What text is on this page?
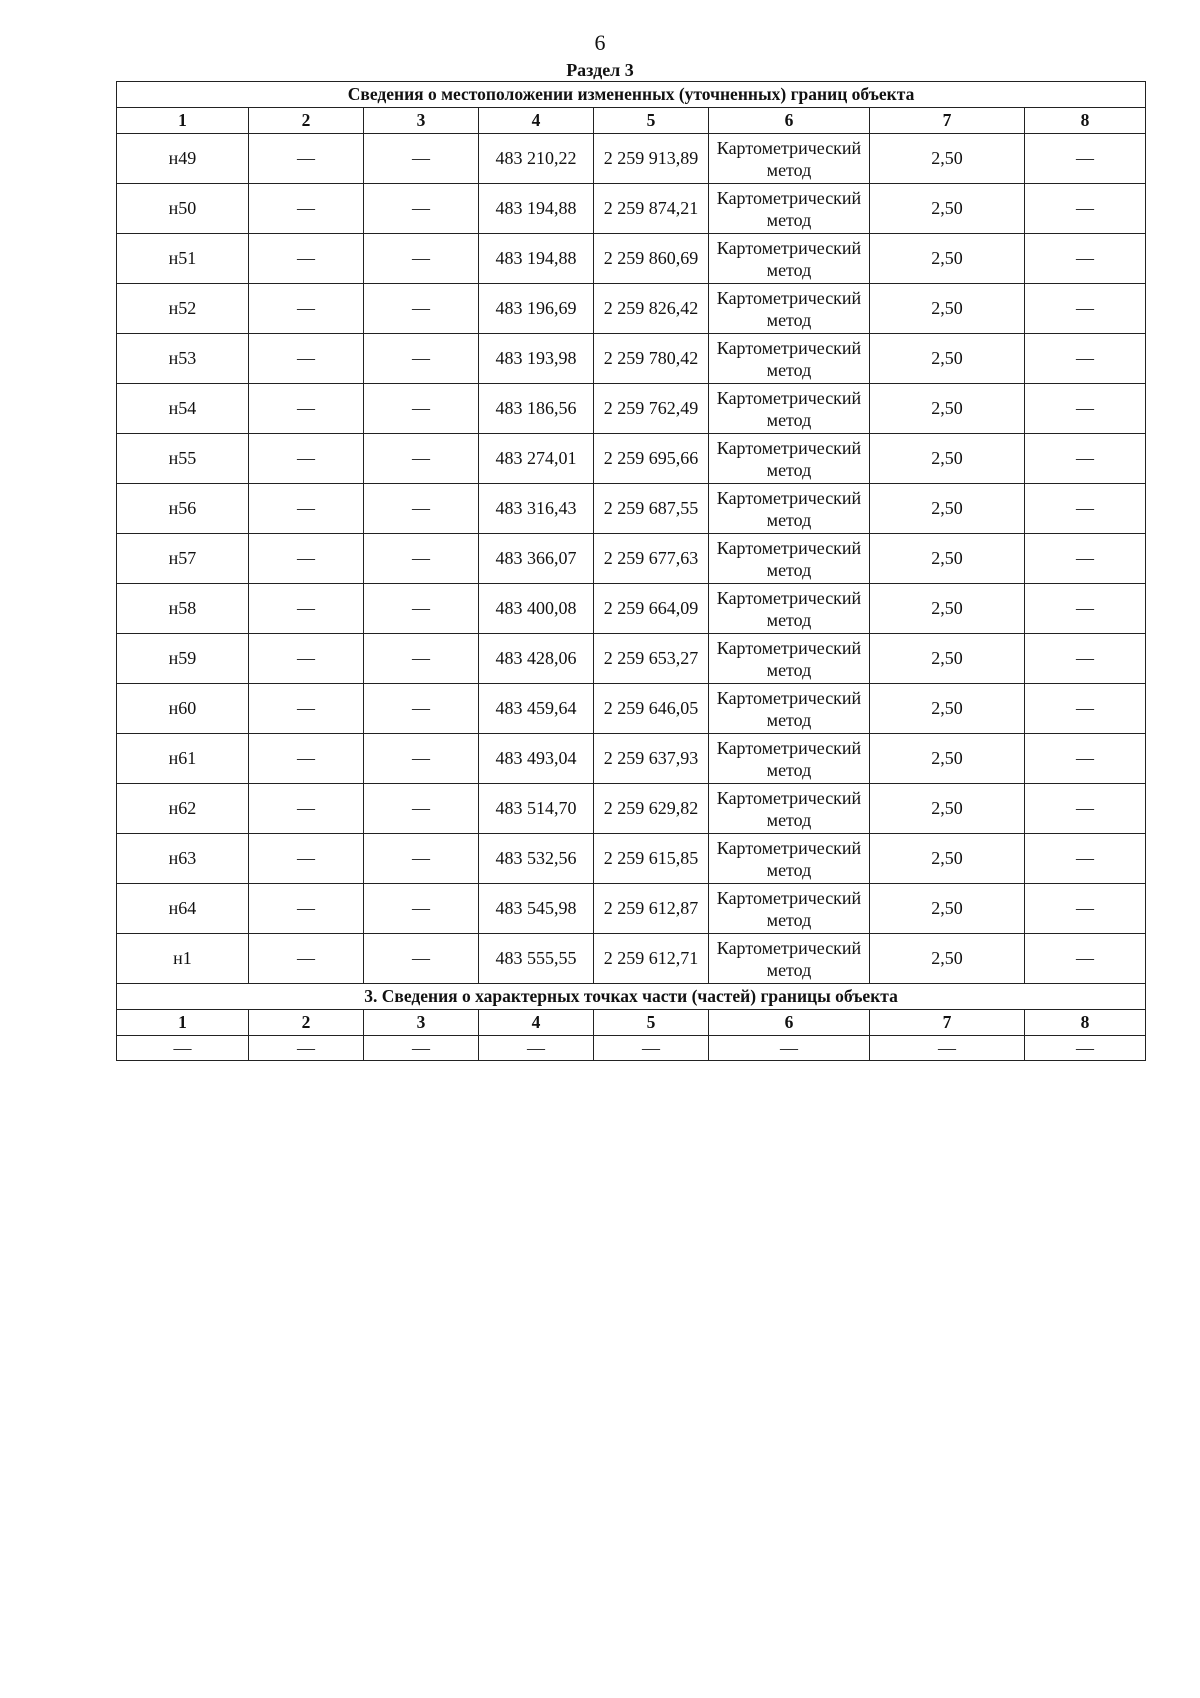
6
Раздел 3
Сведения о местоположении измененных (уточненных) границ объекта							
1	2	3	4	5	6	7	8
н49	—	—	483 210,22	2 259 913,89	Картометрический метод	2,50	—
н50	—	—	483 194,88	2 259 874,21	Картометрический метод	2,50	—
н51	—	—	483 194,88	2 259 860,69	Картометрический метод	2,50	—
н52	—	—	483 196,69	2 259 826,42	Картометрический метод	2,50	—
н53	—	—	483 193,98	2 259 780,42	Картометрический метод	2,50	—
н54	—	—	483 186,56	2 259 762,49	Картометрический метод	2,50	—
н55	—	—	483 274,01	2 259 695,66	Картометрический метод	2,50	—
н56	—	—	483 316,43	2 259 687,55	Картометрический метод	2,50	—
н57	—	—	483 366,07	2 259 677,63	Картометрический метод	2,50	—
н58	—	—	483 400,08	2 259 664,09	Картометрический метод	2,50	—
н59	—	—	483 428,06	2 259 653,27	Картометрический метод	2,50	—
н60	—	—	483 459,64	2 259 646,05	Картометрический метод	2,50	—
н61	—	—	483 493,04	2 259 637,93	Картометрический метод	2,50	—
н62	—	—	483 514,70	2 259 629,82	Картометрический метод	2,50	—
н63	—	—	483 532,56	2 259 615,85	Картометрический метод	2,50	—
н64	—	—	483 545,98	2 259 612,87	Картометрический метод	2,50	—
н1	—	—	483 555,55	2 259 612,71	Картометрический метод	2,50	—
3. Сведения о характерных точках части (частей) границы объекта							
1	2	3	4	5	6	7	8
—	—	—	—	—	—	—	—
